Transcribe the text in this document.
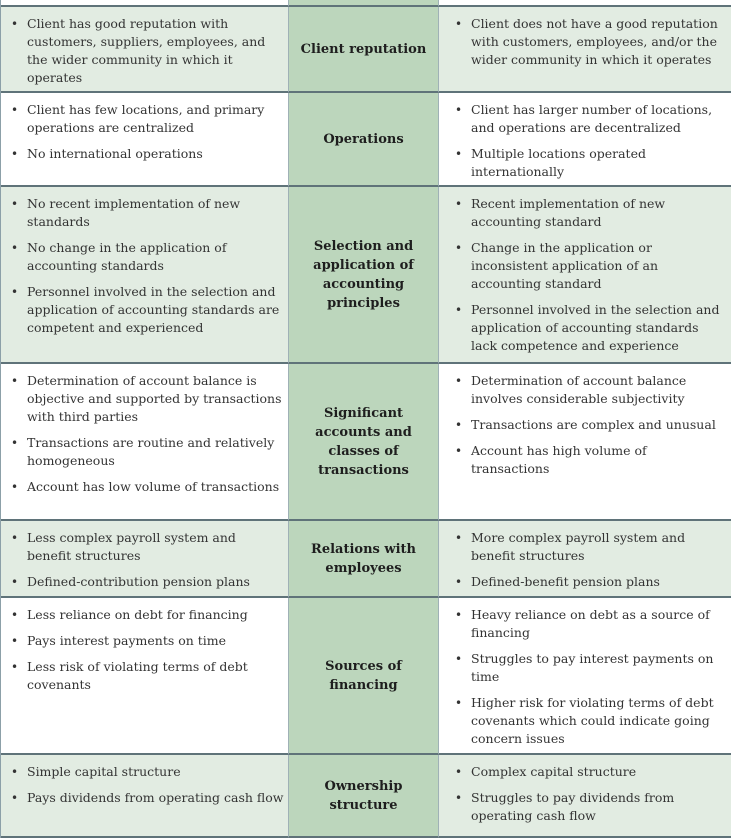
• Client has good reputation with customers, suppliers, employees, and the wider community in which it operates
Client reputation
• Client does not have a good reputation with customers, employees, and/or the wider community in which it operates
• Client has few locations, and primary operations are centralized
• No international operations
Operations
• Client has larger number of locations, and operations are decentralized
• Multiple locations operated internationally
• No recent implementation of new standards
• No change in the application of accounting standards
• Personnel involved in the selection and application of accounting standards are competent and experienced
Selection and application of accounting principles
• Recent implementation of new accounting standard
• Change in the application or inconsistent application of an accounting standard
• Personnel involved in the selection and application of accounting standards lack competence and experience
• Determination of account balance is objective and supported by transactions with third parties
• Transactions are routine and relatively homogeneous
• Account has low volume of transactions
Significant accounts and classes of transactions
• Determination of account balance involves considerable subjectivity
• Transactions are complex and unusual
• Account has high volume of transactions
• Less complex payroll system and benefit structures
• Defined-contribution pension plans
Relations with employees
• More complex payroll system and benefit structures
• Defined-benefit pension plans
• Less reliance on debt for financing
• Pays interest payments on time
• Less risk of violating terms of debt covenants
Sources of financing
• Heavy reliance on debt as a source of financing
• Struggles to pay interest payments on time
• Higher risk for violating terms of debt covenants which could indicate going concern issues
• Simple capital structure
• Pays dividends from operating cash flow
Ownership structure
• Complex capital structure
• Struggles to pay dividends from operating cash flow
